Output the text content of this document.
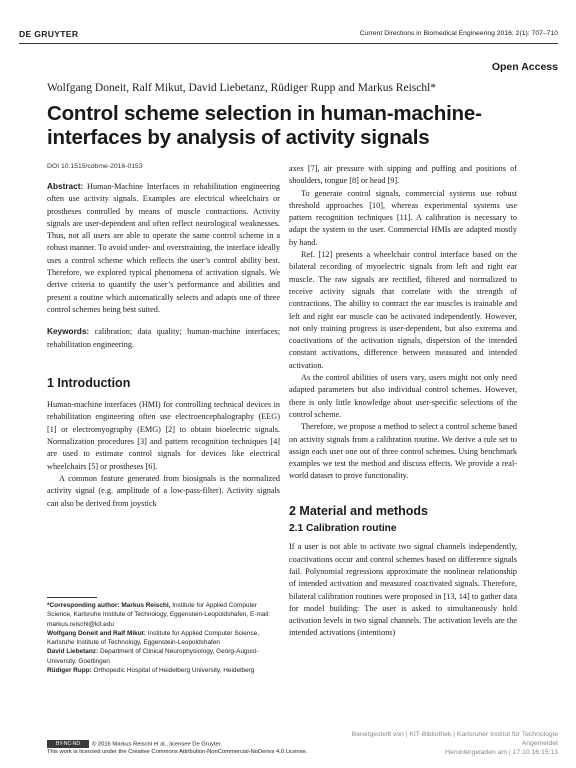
DE GRUYTER	Current Directions in Biomedical Engineering 2016; 2(1): 707–710
Open Access
Wolfgang Doneit, Ralf Mikut, David Liebetanz, Rüdiger Rupp and Markus Reischl*
Control scheme selection in human-machine-interfaces by analysis of activity signals
DOI 10.1515/cdbme-2016-0153

Abstract: Human-Machine Interfaces in rehabilitation engineering often use activity signals. Examples are electrical wheelchairs or prostheses controlled by means of muscle contractions. Activity signals are user-dependent and often reflect neurological weaknesses. Thus, not all users are able to operate the same control scheme in a robust manner. To avoid under- and overstraining, the interface ideally uses a control scheme which reflects the user’s control ability best. Therefore, we explored typical phenomena of activation signals. We derive criteria to quantify the user’s performance and abilities and present a routine which automatically selects and adapts one of three control schemes being best suited.

Keywords: calibration; data quality; human-machine interfaces; rehabilitation engineering.

1 Introduction

Human-machine interfaces (HMI) for controlling technical devices in rehabilitation engineering often use electroencephalography (EEG) [1] or electromyography (EMG) [2] to obtain bioelectric signals. Normalization procedures [3] and pattern recognition techniques [4] are used to estimate control signals for devices like electrical wheelchairs [5] or prostheses [6].

A common feature generated from biosignals is the normalized activity signal (e.g. amplitude of a low-pass-filter). Activity signals can also be derived from joystick

*Corresponding author: Markus Reischl, Institute for Applied Computer Science, Karlsruhe Institute of Technology, Eggenstein-Leopoldshafen, E-mail: markus.reischl@kit.edu

Wolfgang Doneit and Ralf Mikut: Institute for Applied Computer Science, Karlsruhe Institute of Technology, Eggenstein-Leopoldshafen

David Liebetanz: Department of Clinical Neurophysiology, Georg-August-University, Goettingen

Rüdiger Rupp: Orthopedic Hospital of Heidelberg University, Heidelberg

BY-NC-ND © 2016 Markus Reischl et al., licensee De Gruyter.
This work is licensed under the Creative Commons Attribution-NonCommercial-NoDerivs 4.0 License.

axes [7], air pressure with sipping and puffing and positions of shoulders, tongue [8] or head [9].

To generate control signals, commercial systems use robust threshold approaches [10], whereas experimental systems use pattern recognition techniques [11]. A calibration is necessary to adapt the system to the user. Commercial HMIs are adapted mostly by hand.

Ref. [12] presents a wheelchair control interface based on the bilateral recording of myoelectric signals from left and right ear muscle. The raw signals are rectified, filtered and normalized to receive activity signals that correlate with the strength of contractions. The ability to contract the ear muscles is trainable and left and right ear muscle can be activated independently. However, not only training progress is user-dependent, but also extrema and coactivations of the activation signals, dispersion of the intended constant activations, difference between measured and intended activation.

As the control abilities of users vary, users might not only need adapted parameters but also individual control schemes. However, there is only little knowledge about user-specific selections of the control scheme.

Therefore, we propose a method to select a control scheme based on activity signals from a calibration routine. We derive a rule set to assign each user one out of three control schemes. Using benchmark examples we test the method and discuss effects. We provide a real-world dataset to prove functionality.

2 Material and methods

2.1 Calibration routine

If a user is not able to activate two signal channels independently, coactivations occur and control schemes based on difference signals fail. Polynomial regressions approximate the nonlinear relationship of intended activation and measured coactivated signals. Therefore, bilateral calibration routines were proposed in [13, 14] to gather data for model building: The user is asked to simultaneously hold activation levels in two signal channels. The activation levels are the intended activations (intentions)

Bereitgestellt von | KIT-Bibliothek | Karlsruher Institut für Technologie
Angemeldet
Heruntergeladen am | 17.10.16 15:13
